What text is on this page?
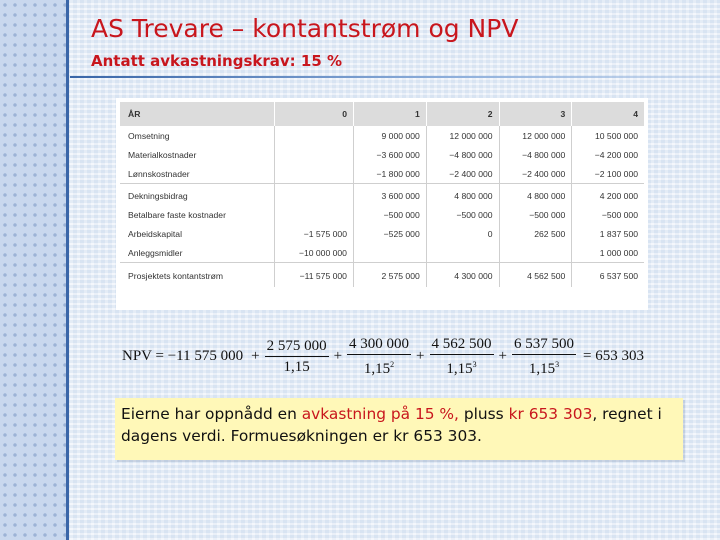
AS Trevare – kontantstrøm og NPV
Antatt avkastningskrav: 15 %
ÅR	0	1	2	3	4
Omsetning		9 000 000	12 000 000	12 000 000	10 500 000
Materialkostnader		−3 600 000	−4 800 000	−4 800 000	−4 200 000
Lønnskostnader		−1 800 000	−2 400 000	−2 400 000	−2 100 000
Dekningsbidrag		3 600 000	4 800 000	4 800 000	4 200 000
Betalbare faste kostnader		−500 000	−500 000	−500 000	−500 000
Arbeidskapital	−1 575 000	−525 000	0	262 500	1 837 500
Anleggsmidler	−10 000 000				1 000 000
Prosjektets kontantstrøm	−11 575 000	2 575 000	4 300 000	4 562 500	6 537 500
NPV = −11 575 $000 + \frac{2 575 000}{1,15} + \frac{4 300 000}{1,15^2} + \frac{4 562 500}{1,15^3} + \frac{6 537 500}{1,15^3} = 653$ 303
Eierne har oppnådd en avkastning på 15 %, pluss kr 653 303, regnet i dagens verdi. Formuesøkningen er kr 653 303.
